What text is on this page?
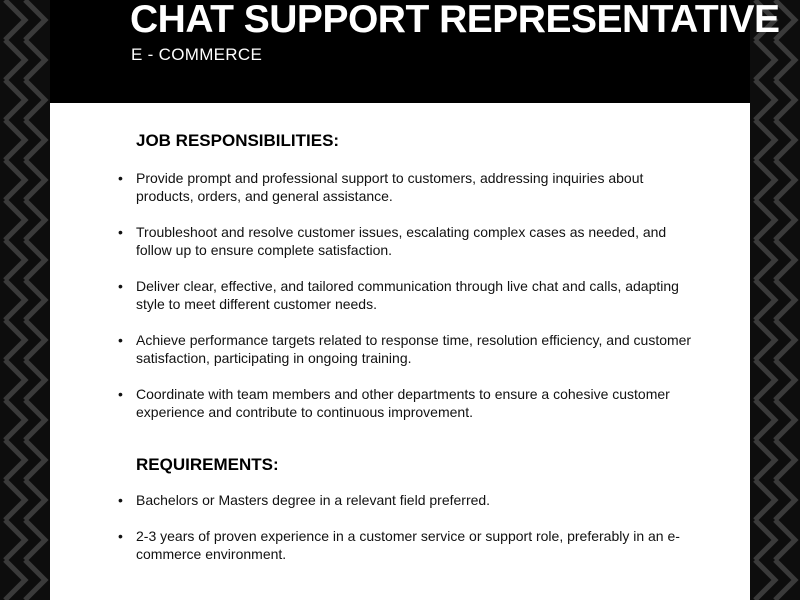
CHAT SUPPORT REPRESENTATIVE
E - COMMERCE
JOB RESPONSIBILITIES:
• Provide prompt and professional support to customers, addressing inquiries about products, orders, and general assistance.
• Troubleshoot and resolve customer issues, escalating complex cases as needed, and follow up to ensure complete satisfaction.
• Deliver clear, effective, and tailored communication through live chat and calls, adapting style to meet different customer needs.
• Achieve performance targets related to response time, resolution efficiency, and customer satisfaction, participating in ongoing training.
• Coordinate with team members and other departments to ensure a cohesive customer experience and contribute to continuous improvement.
REQUIREMENTS:
• Bachelors or Masters degree in a relevant field preferred.
• 2-3 years of proven experience in a customer service or support role, preferably in an e-commerce environment.
